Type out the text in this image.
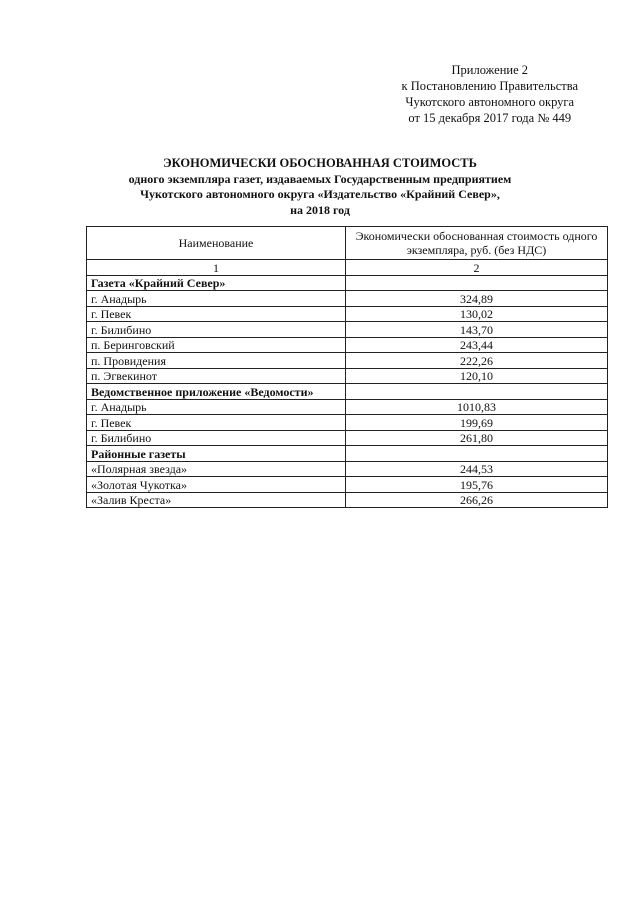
Приложение 2
к Постановлению Правительства
Чукотского автономного округа
от 15 декабря 2017 года № 449
ЭКОНОМИЧЕСКИ ОБОСНОВАННАЯ СТОИМОСТЬ
одного экземпляра газет, издаваемых Государственным предприятием
Чукотского автономного округа «Издательство «Крайний Север»,
на 2018 год
Наименование	Экономически обоснованная стоимость одного экземпляра, руб. (без НДС)
1	2
Газета «Крайний Север»	
г. Анадырь	324,89
г. Певек	130,02
г. Билибино	143,70
п. Беринговский	243,44
п. Провидения	222,26
п. Эгвекинот	120,10
Ведомственное приложение «Ведомости»	
г. Анадырь	1010,83
г. Певек	199,69
г. Билибино	261,80
Районные газеты	
«Полярная звезда»	244,53
«Золотая Чукотка»	195,76
«Залив Креста»	266,26
